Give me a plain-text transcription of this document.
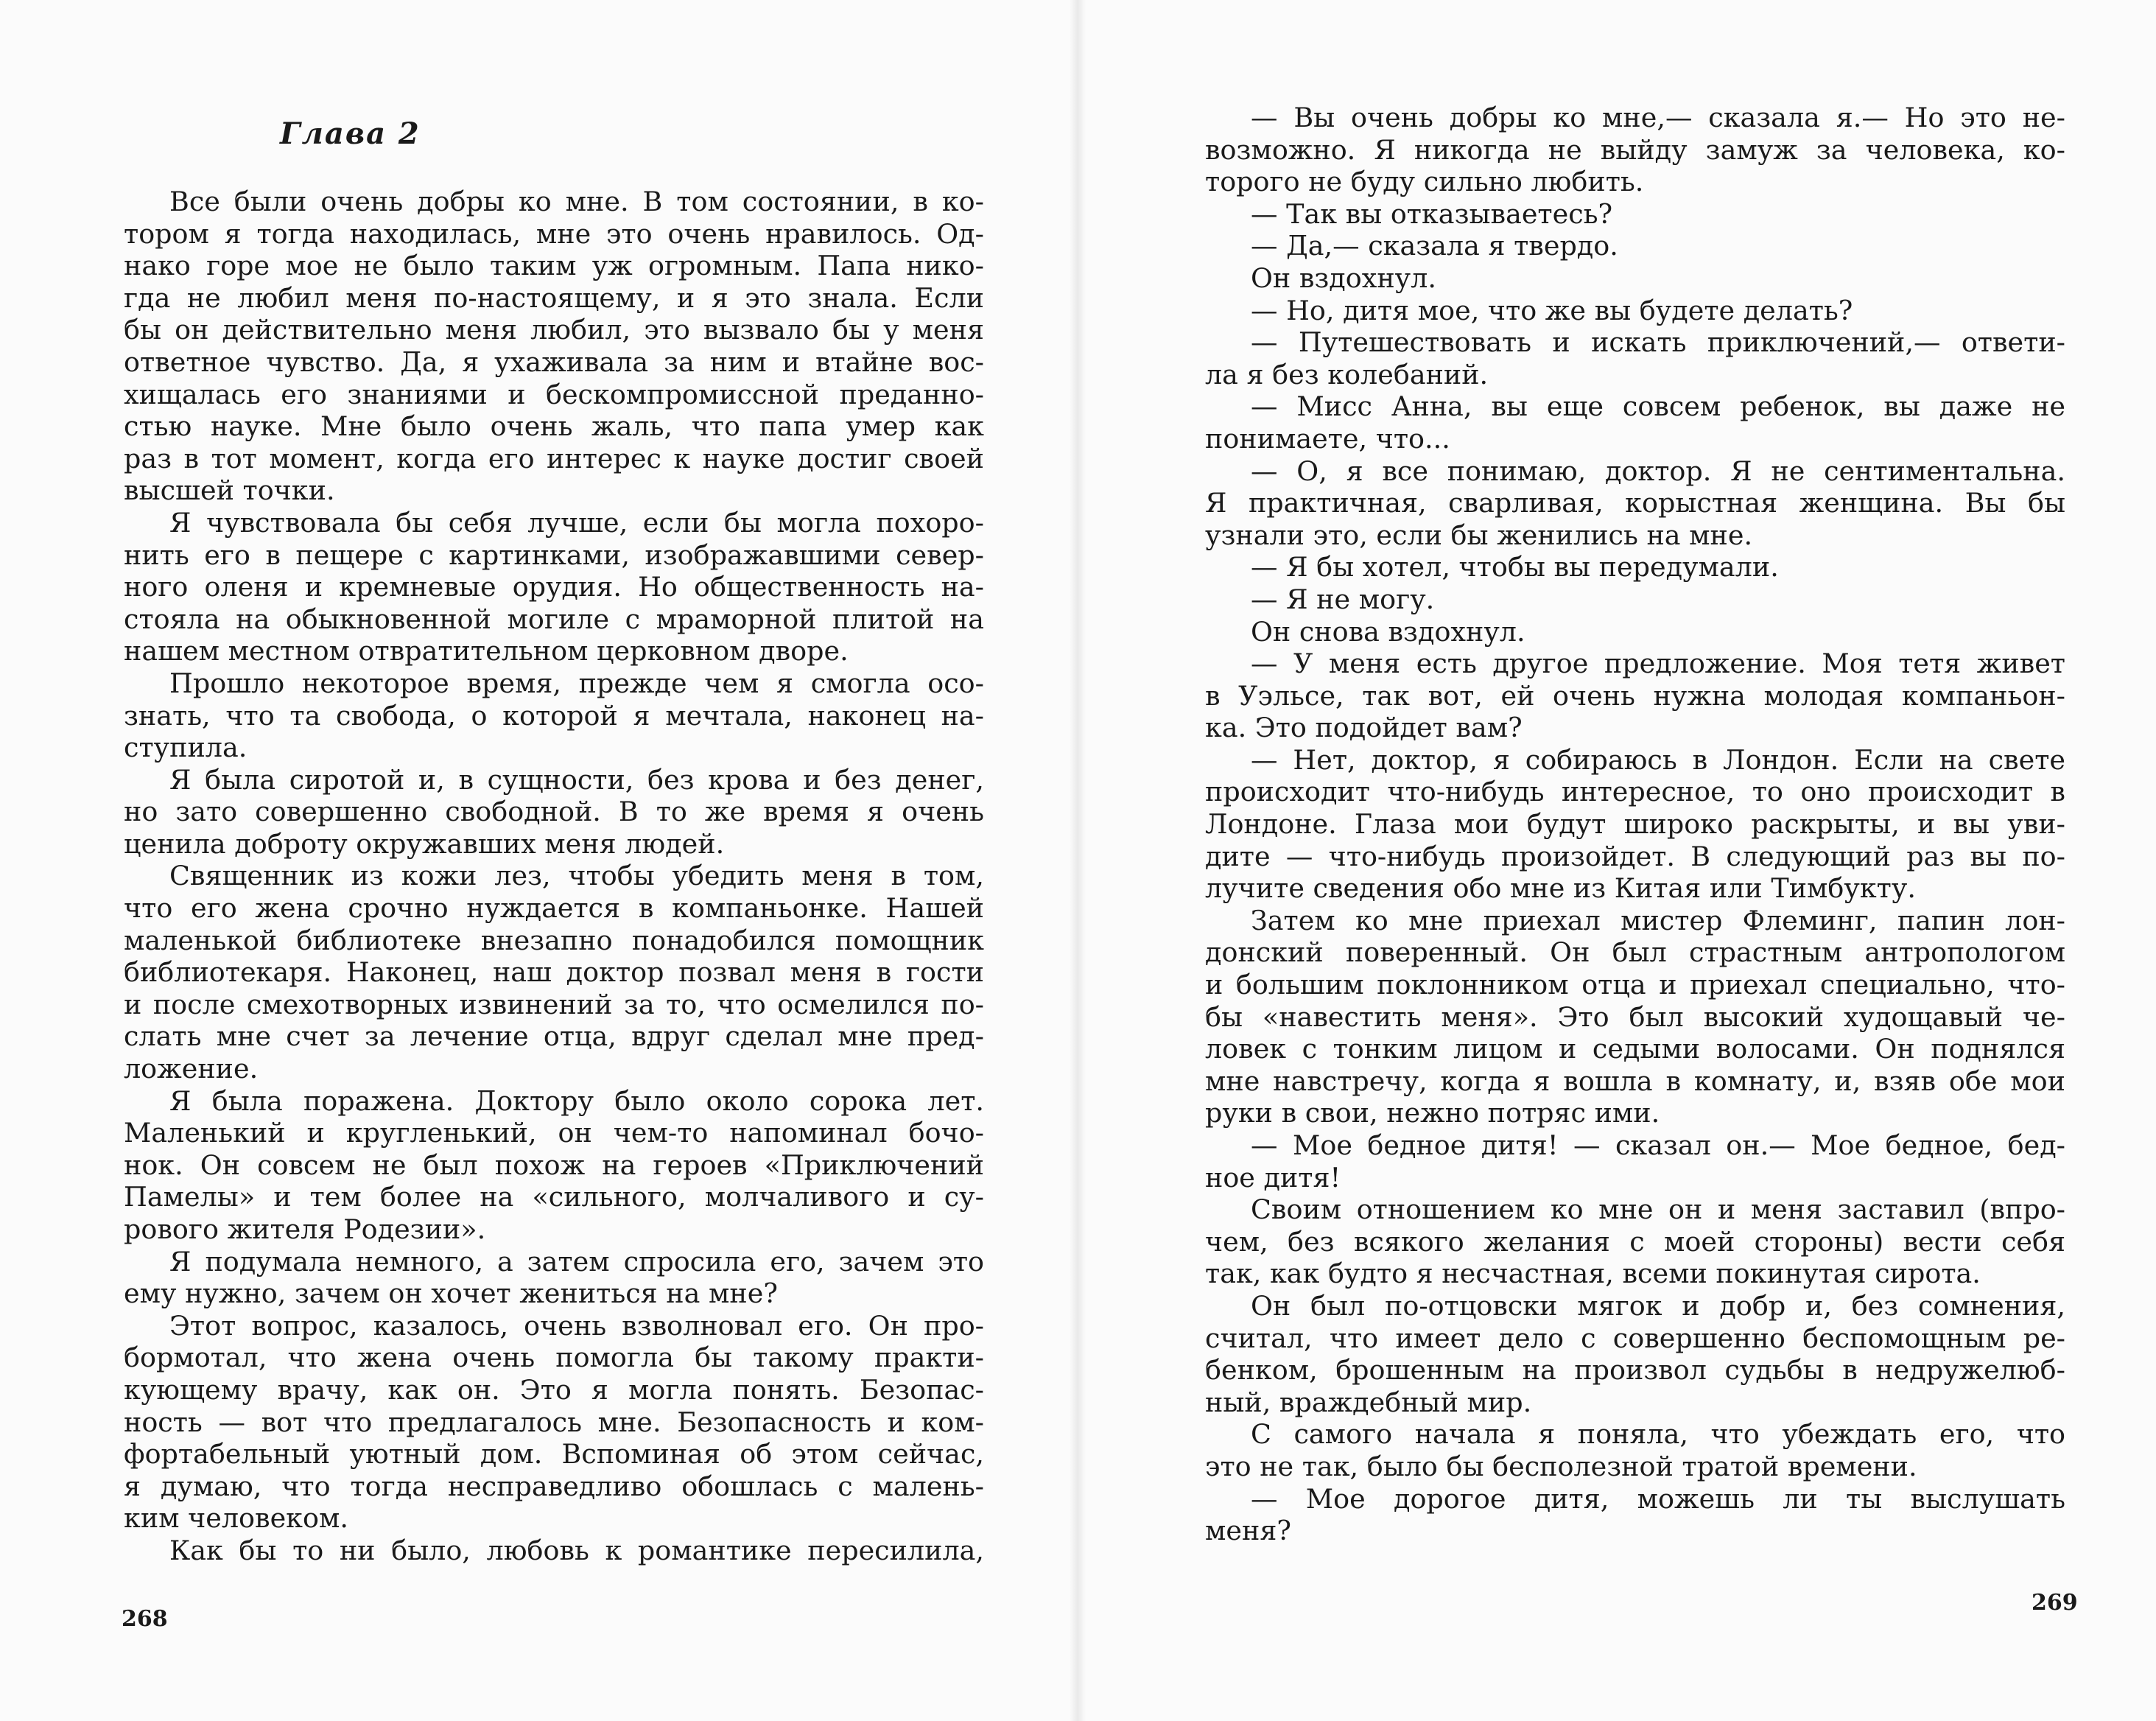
Глава 2
Все были очень добры ко мне. В том состоянии, в ко-
тором я тогда находилась, мне это очень нравилось. Од-
нако горе мое не было таким уж огромным. Папа нико-
гда не любил меня по-настоящему, и я это знала. Если
бы он действительно меня любил, это вызвало бы у меня
ответное чувство. Да, я ухаживала за ним и втайне вос-
хищалась его знаниями и бескомпромиссной преданно-
стью науке. Мне было очень жаль, что папа умер как
раз в тот момент, когда его интерес к науке достиг своей
высшей точки.
Я чувствовала бы себя лучше, если бы могла похоро-
нить его в пещере с картинками, изображавшими север-
ного оленя и кремневые орудия. Но общественность на-
стояла на обыкновенной могиле с мраморной плитой на
нашем местном отвратительном церковном дворе.
Прошло некоторое время, прежде чем я смогла осо-
знать, что та свобода, о которой я мечтала, наконец на-
ступила.
Я была сиротой и, в сущности, без крова и без денег,
но зато совершенно свободной. В то же время я очень
ценила доброту окружавших меня людей.
Священник из кожи лез, чтобы убедить меня в том,
что его жена срочно нуждается в компаньонке. Нашей
маленькой библиотеке внезапно понадобился помощник
библиотекаря. Наконец, наш доктор позвал меня в гости
и после смехотворных извинений за то, что осмелился по-
слать мне счет за лечение отца, вдруг сделал мне пред-
ложение.
Я была поражена. Доктору было около сорока лет.
Маленький и кругленький, он чем-то напоминал бочо-
нок. Он совсем не был похож на героев «Приключений
Памелы» и тем более на «сильного, молчаливого и су-
рового жителя Родезии».
Я подумала немного, а затем спросила его, зачем это
ему нужно, зачем он хочет жениться на мне?
Этот вопрос, казалось, очень взволновал его. Он про-
бормотал, что жена очень помогла бы такому практи-
кующему врачу, как он. Это я могла понять. Безопас-
ность — вот что предлагалось мне. Безопасность и ком-
фортабельный уютный дом. Вспоминая об этом сейчас,
я думаю, что тогда несправедливо обошлась с малень-
ким человеком.
Как бы то ни было, любовь к романтике пересилила,
268
— Вы очень добры ко мне,— сказала я.— Но это не-
возможно. Я никогда не выйду замуж за человека, ко-
торого не буду сильно любить.
— Так вы отказываетесь?
— Да,— сказала я твердо.
Он вздохнул.
— Но, дитя мое, что же вы будете делать?
— Путешествовать и искать приключений,— ответи-
ла я без колебаний.
— Мисс Анна, вы еще совсем ребенок, вы даже не
понимаете, что...
— О, я все понимаю, доктор. Я не сентиментальна.
Я практичная, сварливая, корыстная женщина. Вы бы
узнали это, если бы женились на мне.
— Я бы хотел, чтобы вы передумали.
— Я не могу.
Он снова вздохнул.
— У меня есть другое предложение. Моя тетя живет
в Уэльсе, так вот, ей очень нужна молодая компаньон-
ка. Это подойдет вам?
— Нет, доктор, я собираюсь в Лондон. Если на свете
происходит что-нибудь интересное, то оно происходит в
Лондоне. Глаза мои будут широко раскрыты, и вы уви-
дите — что-нибудь произойдет. В следующий раз вы по-
лучите сведения обо мне из Китая или Тимбукту.
Затем ко мне приехал мистер Флеминг, папин лон-
донский поверенный. Он был страстным антропологом
и большим поклонником отца и приехал специально, что-
бы «навестить меня». Это был высокий худощавый че-
ловек с тонким лицом и седыми волосами. Он поднялся
мне навстречу, когда я вошла в комнату, и, взяв обе мои
руки в свои, нежно потряс ими.
— Мое бедное дитя! — сказал он.— Мое бедное, бед-
ное дитя!
Своим отношением ко мне он и меня заставил (впро-
чем, без всякого желания с моей стороны) вести себя
так, как будто я несчастная, всеми покинутая сирота.
Он был по-отцовски мягок и добр и, без сомнения,
считал, что имеет дело с совершенно беспомощным ре-
бенком, брошенным на произвол судьбы в недружелюб-
ный, враждебный мир.
С самого начала я поняла, что убеждать его, что
это не так, было бы бесполезной тратой времени.
— Мое дорогое дитя, можешь ли ты выслушать
меня?
269
